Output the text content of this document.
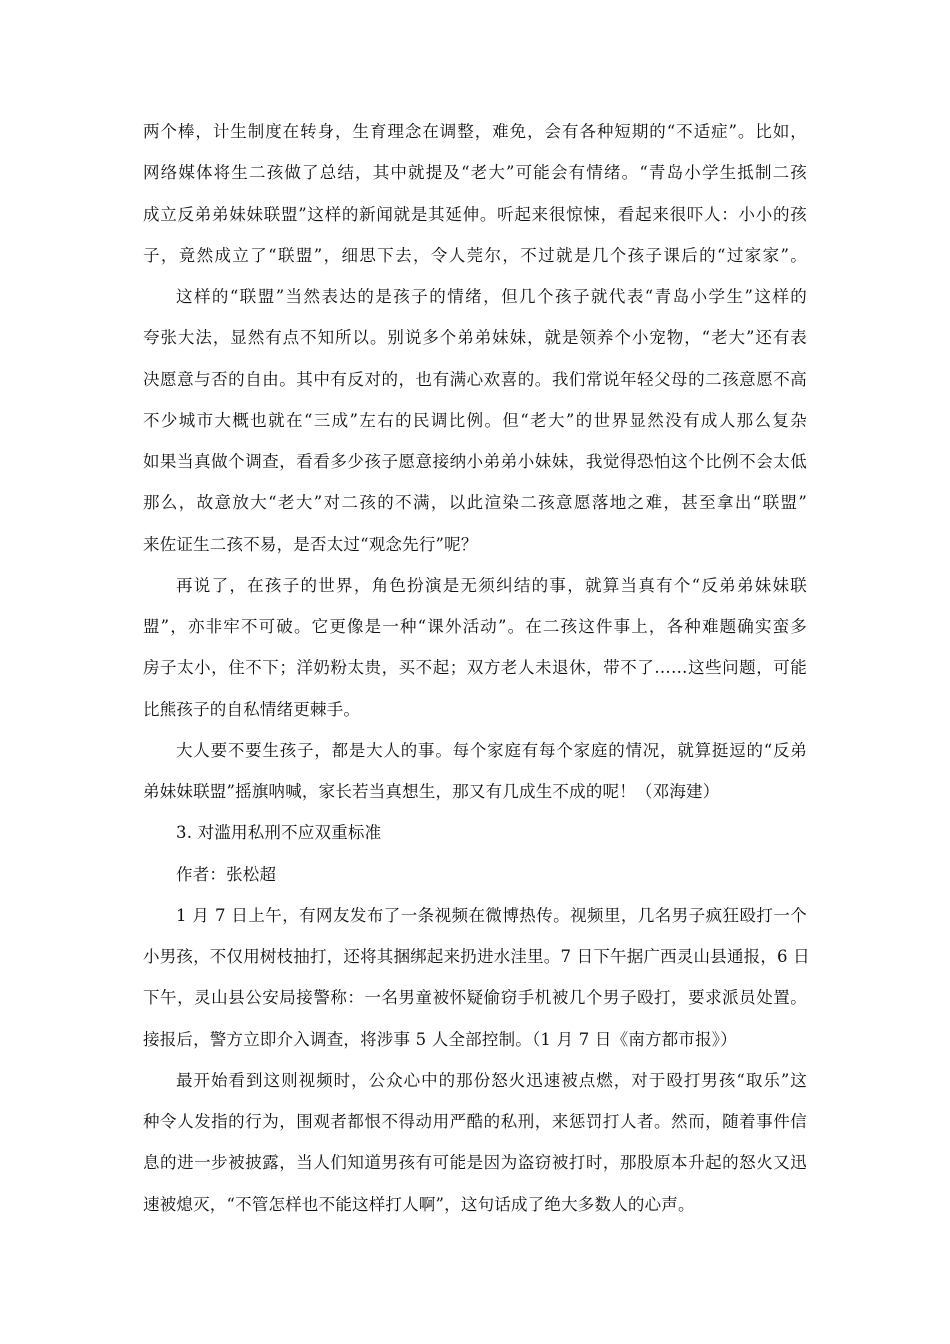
两个棒，计生制度在转身，生育理念在调整，难免，会有各种短期的“不适症”。比如，
网络媒体将生二孩做了总结，其中就提及“老大”可能会有情绪。“青岛小学生抵制二孩
成立反弟弟妹妹联盟”这样的新闻就是其延伸。听起来很惊悚，看起来很吓人：小小的孩
子，竟然成立了“联盟”，细思下去，令人莞尔，不过就是几个孩子课后的“过家家”。
这样的“联盟”当然表达的是孩子的情绪，但几个孩子就代表“青岛小学生”这样的
夸张大法，显然有点不知所以。别说多个弟弟妹妹，就是领养个小宠物，“老大”还有表
决愿意与否的自由。其中有反对的，也有满心欢喜的。我们常说年轻父母的二孩意愿不高
不少城市大概也就在“三成”左右的民调比例。但“老大”的世界显然没有成人那么复杂
如果当真做个调查，看看多少孩子愿意接纳小弟弟小妹妹，我觉得恐怕这个比例不会太低
那么，故意放大“老大”对二孩的不满，以此渲染二孩意愿落地之难，甚至拿出“联盟”
来佐证生二孩不易，是否太过“观念先行”呢？
再说了，在孩子的世界，角色扮演是无须纠结的事，就算当真有个“反弟弟妹妹联
盟”，亦非牢不可破。它更像是一种“课外活动”。在二孩这件事上，各种难题确实蛮多
房子太小，住不下；洋奶粉太贵，买不起；双方老人未退休，带不了……这些问题，可能
比熊孩子的自私情绪更棘手。
大人要不要生孩子，都是大人的事。每个家庭有每个家庭的情况，就算挺逗的“反弟
弟妹妹联盟”摇旗呐喊，家长若当真想生，那又有几成生不成的呢！（邓海建）
3. 对滥用私刑不应双重标准
作者：张松超
1 月 7 日上午，有网友发布了一条视频在微博热传。视频里，几名男子疯狂殴打一个
小男孩，不仅用树枝抽打，还将其捆绑起来扔进水洼里。7 日下午据广西灵山县通报，6 日
下午，灵山县公安局接警称：一名男童被怀疑偷窃手机被几个男子殴打，要求派员处置。
接报后，警方立即介入调查，将涉事 5 人全部控制。（1 月 7 日《南方都市报》）
最开始看到这则视频时，公众心中的那份怒火迅速被点燃，对于殴打男孩“取乐”这
种令人发指的行为，围观者都恨不得动用严酷的私刑，来惩罚打人者。然而，随着事件信
息的进一步被披露，当人们知道男孩有可能是因为盗窃被打时，那股原本升起的怒火又迅
速被熄灭，“不管怎样也不能这样打人啊”，这句话成了绝大多数人的心声。
